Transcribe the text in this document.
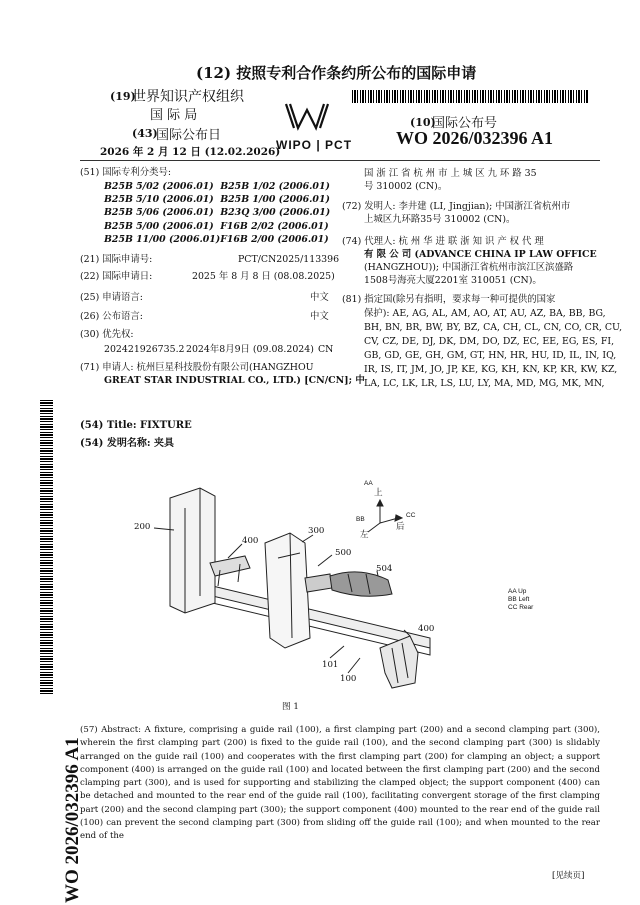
(12) 按照专利合作条约所公布的国际申请
(19)
世界知识产权组织
国 际 局
(43)
国际公布日
2026 年 2 月 12 日 (12.02.2026)
WIPO | PCT
(10)
国际公布号
WO 2026/032396 A1
(51) 国际专利分类号:
B25B 5/02 (2006.01)	B25B 1/02 (2006.01)
B25B 5/10 (2006.01)	B25B 1/00 (2006.01)
B25B 5/06 (2006.01)	B23Q 3/00 (2006.01)
B25B 5/00 (2006.01)	F16B 2/02 (2006.01)
B25B 11/00 (2006.01)	F16B 2/00 (2006.01)
(21) 国际申请号:	PCT/CN2025/113396
(22) 国际申请日:	2025 年 8 月 8 日 (08.08.2025)
(25) 申请语言:	中文
(26) 公布语言:	中文
(30) 优先权:
202421926735.2 2024年8月9日 (09.08.2024) CN
(71) 申请人: 杭州巨星科技股份有限公司(HANGZHOU
GREAT STAR INDUSTRIAL CO., LTD.) [CN/CN]; 中
国 浙 江 省 杭 州 市 上 城 区 九 环 路 35
号 310002 (CN)。
(72) 发明人: 李井建 (LI, Jingjian); 中国浙江省杭州市
上城区九环路35号 310002 (CN)。
(74) 代理人: 杭 州 华 进 联 浙 知 识 产 权 代 理
有 限 公 司 (ADVANCE CHINA IP LAW OFFICE
(HANGZHOU)); 中国浙江省杭州市滨江区滨盛路
1508号海亮大厦2201室 310051 (CN)。
(81) 指定国(除另有指明，要求每一种可提供的国家
保护): AE, AG, AL, AM, AO, AT, AU, AZ, BA, BB, BG,
BH, BN, BR, BW, BY, BZ, CA, CH, CL, CN, CO, CR, CU,
CV, CZ, DE, DJ, DK, DM, DO, DZ, EC, EE, EG, ES, FI,
GB, GD, GE, GH, GM, GT, HN, HR, HU, ID, IL, IN, IQ,
IR, IS, IT, JM, JO, JP, KE, KG, KH, KN, KP, KR, KW, KZ,
LA, LC, LK, LR, LS, LU, LY, MA, MD, MG, MK, MN,
WO 2026/032396 A1
(54) Title: FIXTURE
(54) 发明名称: 夹具
200
400
300
500
504
400
101
100
AA
BB
CC
上
后
左
AA Up
BB Left
CC Rear
图 1
(57) Abstract: A fixture, comprising a guide rail (100), a first clamping part (200) and a second clamping part (300), wherein the first clamping part (200) is fixed to the guide rail (100), and the second clamping part (300) is slidably arranged on the guide rail (100) and cooperates with the first clamping part (200) for clamping an object; a support component (400) is arranged on the guide rail (100) and located between the first clamping part (200) and the second clamping part (300), and is used for supporting and stabilizing the clamped object; the support component (400) can be detached and mounted to the rear end of the guide rail (100), facilitating convergent storage of the first clamping part (200) and the second clamping part (300); the support component (400) mounted to the rear end of the guide rail (100) can prevent the second clamping part (300) from sliding off the guide rail (100); and when mounted to the rear end of the
[见续页]
